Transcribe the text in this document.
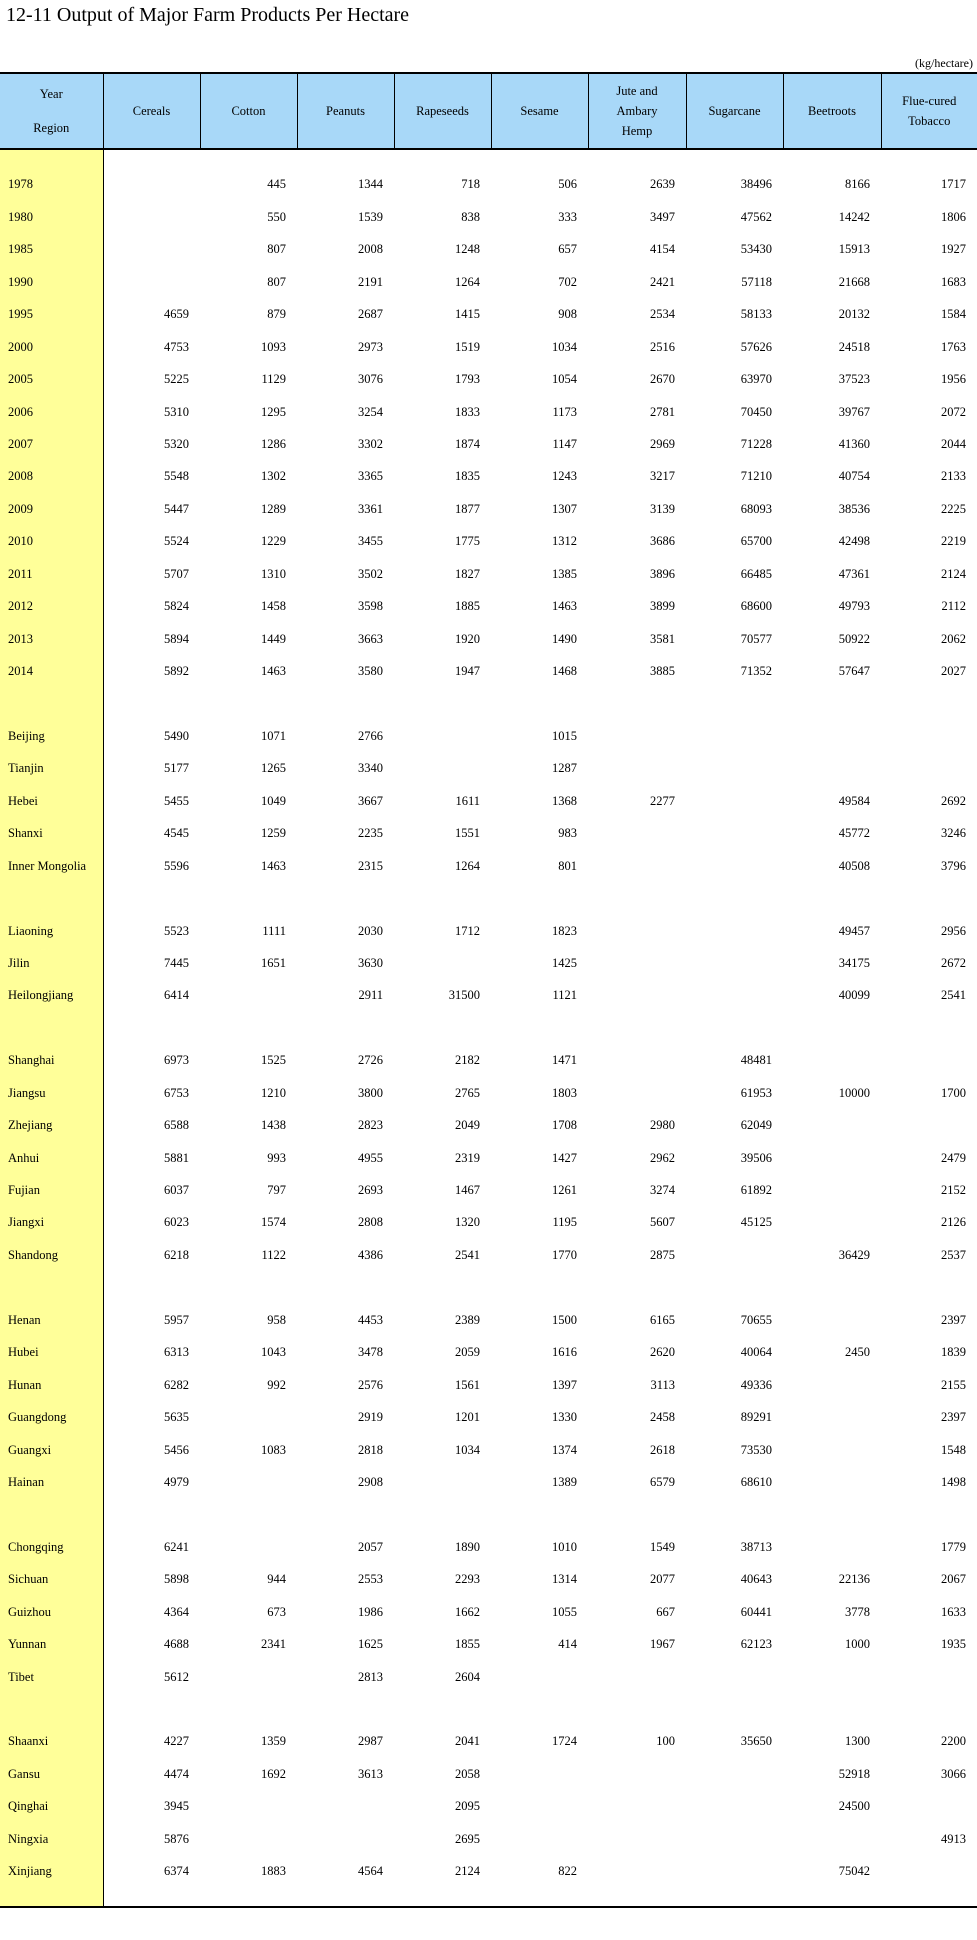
12-11 Output of Major Farm Products Per Hectare
(kg/hectare)
Year
Region	Cereals	Cotton	Peanuts	Rapeseeds	Sesame	Jute and Ambary Hemp	Sugarcane	Beetroots	Flue-cured Tobacco

1978		445	1344	718	506	2639	38496	8166	1717
1980		550	1539	838	333	3497	47562	14242	1806
1985		807	2008	1248	657	4154	53430	15913	1927
1990		807	2191	1264	702	2421	57118	21668	1683
1995	4659	879	2687	1415	908	2534	58133	20132	1584
2000	4753	1093	2973	1519	1034	2516	57626	24518	1763
2005	5225	1129	3076	1793	1054	2670	63970	37523	1956
2006	5310	1295	3254	1833	1173	2781	70450	39767	2072
2007	5320	1286	3302	1874	1147	2969	71228	41360	2044
2008	5548	1302	3365	1835	1243	3217	71210	40754	2133
2009	5447	1289	3361	1877	1307	3139	68093	38536	2225
2010	5524	1229	3455	1775	1312	3686	65700	42498	2219
2011	5707	1310	3502	1827	1385	3896	66485	47361	2124
2012	5824	1458	3598	1885	1463	3899	68600	49793	2112
2013	5894	1449	3663	1920	1490	3581	70577	50922	2062
2014	5892	1463	3580	1947	1468	3885	71352	57647	2027

Beijing	5490	1071	2766		1015				
Tianjin	5177	1265	3340		1287				
Hebei	5455	1049	3667	1611	1368	2277		49584	2692
Shanxi	4545	1259	2235	1551	983			45772	3246
Inner Mongolia	5596	1463	2315	1264	801			40508	3796

Liaoning	5523	1111	2030	1712	1823			49457	2956
Jilin	7445	1651	3630		1425			34175	2672
Heilongjiang	6414		2911	31500	1121			40099	2541

Shanghai	6973	1525	2726	2182	1471		48481		
Jiangsu	6753	1210	3800	2765	1803		61953	10000	1700
Zhejiang	6588	1438	2823	2049	1708	2980	62049		
Anhui	5881	993	4955	2319	1427	2962	39506		2479
Fujian	6037	797	2693	1467	1261	3274	61892		2152
Jiangxi	6023	1574	2808	1320	1195	5607	45125		2126
Shandong	6218	1122	4386	2541	1770	2875		36429	2537

Henan	5957	958	4453	2389	1500	6165	70655		2397
Hubei	6313	1043	3478	2059	1616	2620	40064	2450	1839
Hunan	6282	992	2576	1561	1397	3113	49336		2155
Guangdong	5635		2919	1201	1330	2458	89291		2397
Guangxi	5456	1083	2818	1034	1374	2618	73530		1548
Hainan	4979		2908		1389	6579	68610		1498

Chongqing	6241		2057	1890	1010	1549	38713		1779
Sichuan	5898	944	2553	2293	1314	2077	40643	22136	2067
Guizhou	4364	673	1986	1662	1055	667	60441	3778	1633
Yunnan	4688	2341	1625	1855	414	1967	62123	1000	1935
Tibet	5612		2813	2604					

Shaanxi	4227	1359	2987	2041	1724	100	35650	1300	2200
Gansu	4474	1692	3613	2058				52918	3066
Qinghai	3945			2095				24500	
Ningxia	5876			2695					4913
Xinjiang	6374	1883	4564	2124	822			75042	
